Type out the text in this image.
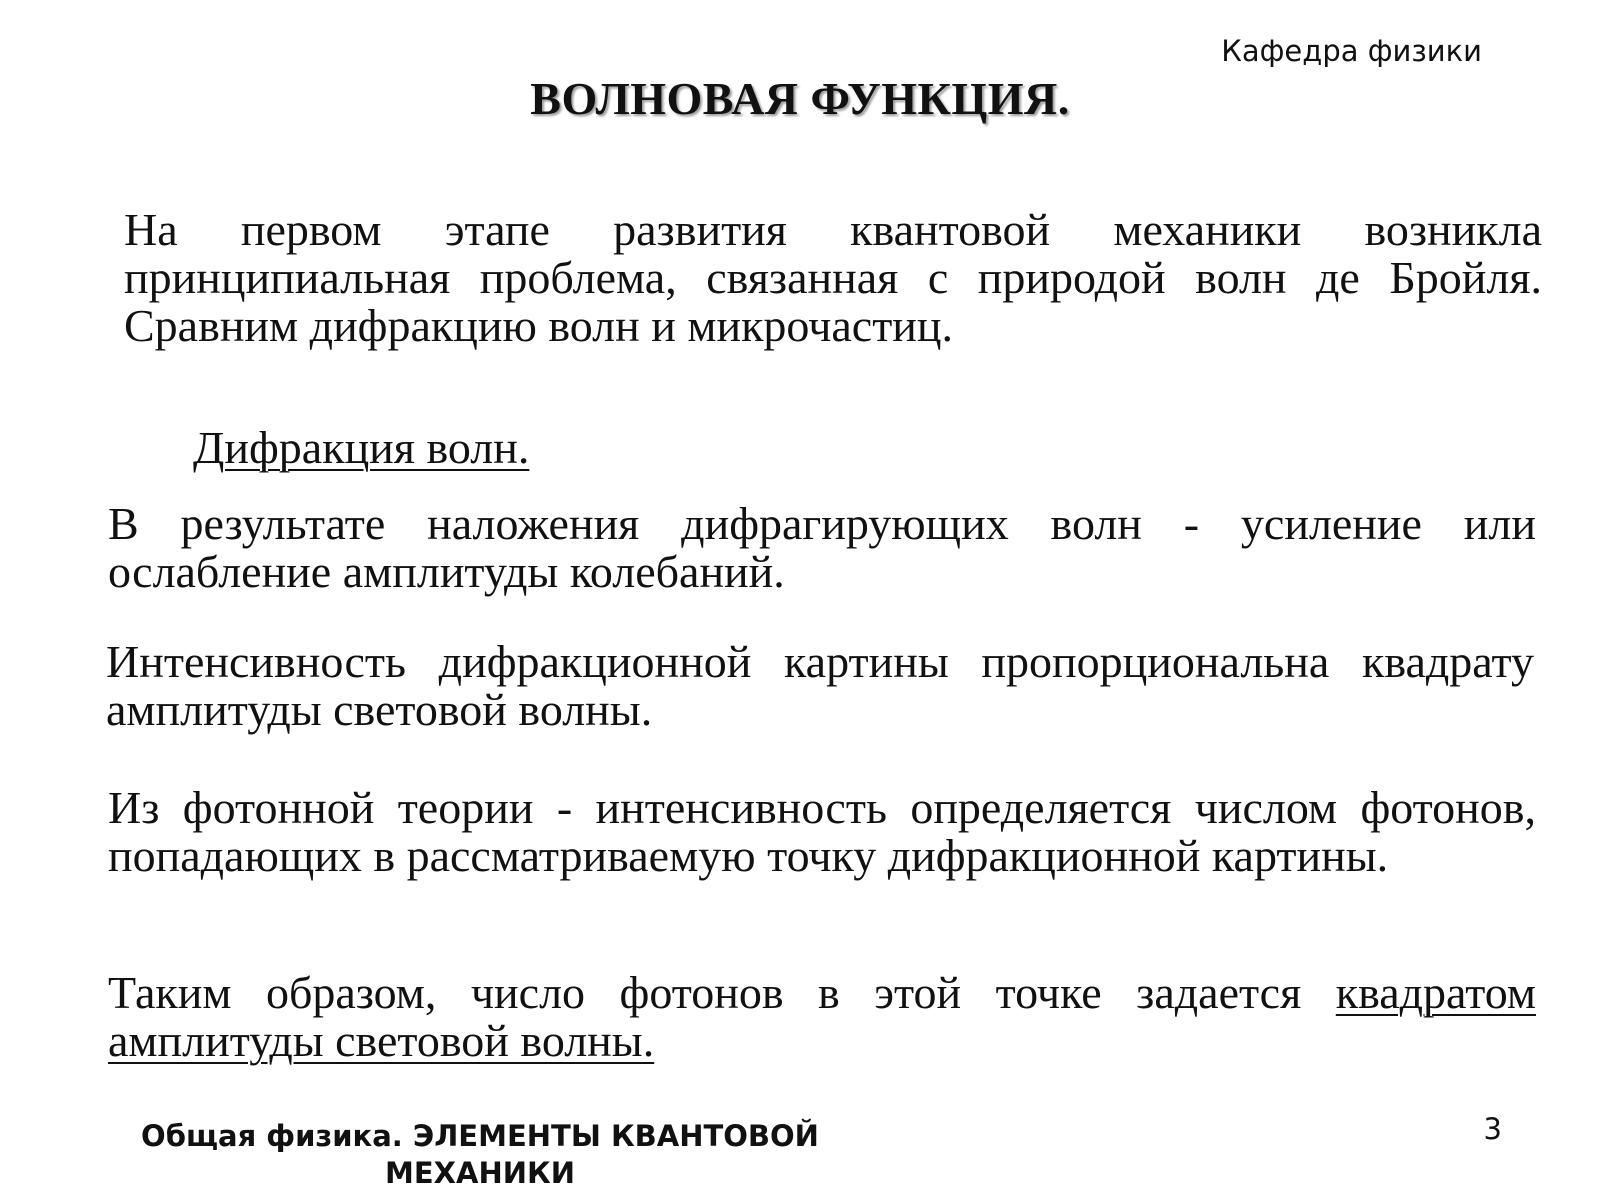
Кафедра физики
ВОЛНОВАЯ ФУНКЦИЯ.

На первом этапе развития квантовой механики возникла принципиальная проблема, связанная с природой волн де Бройля. Сравним дифракцию волн и микрочастиц.

Дифракция волн.

В результате наложения дифрагирующих волн - усиление или ослабление амплитуды колебаний.

Интенсивность дифракционной картины пропорциональна квадрату амплитуды световой волны.

Из фотонной теории - интенсивность определяется числом фотонов, попадающих в рассматриваемую точку дифракционной картины.

Таким образом, число фотонов в этой точке задается квадратом амплитуды световой волны.

Общая физика. ЭЛЕМЕНТЫ КВАНТОВОЙ МЕХАНИКИ
3
